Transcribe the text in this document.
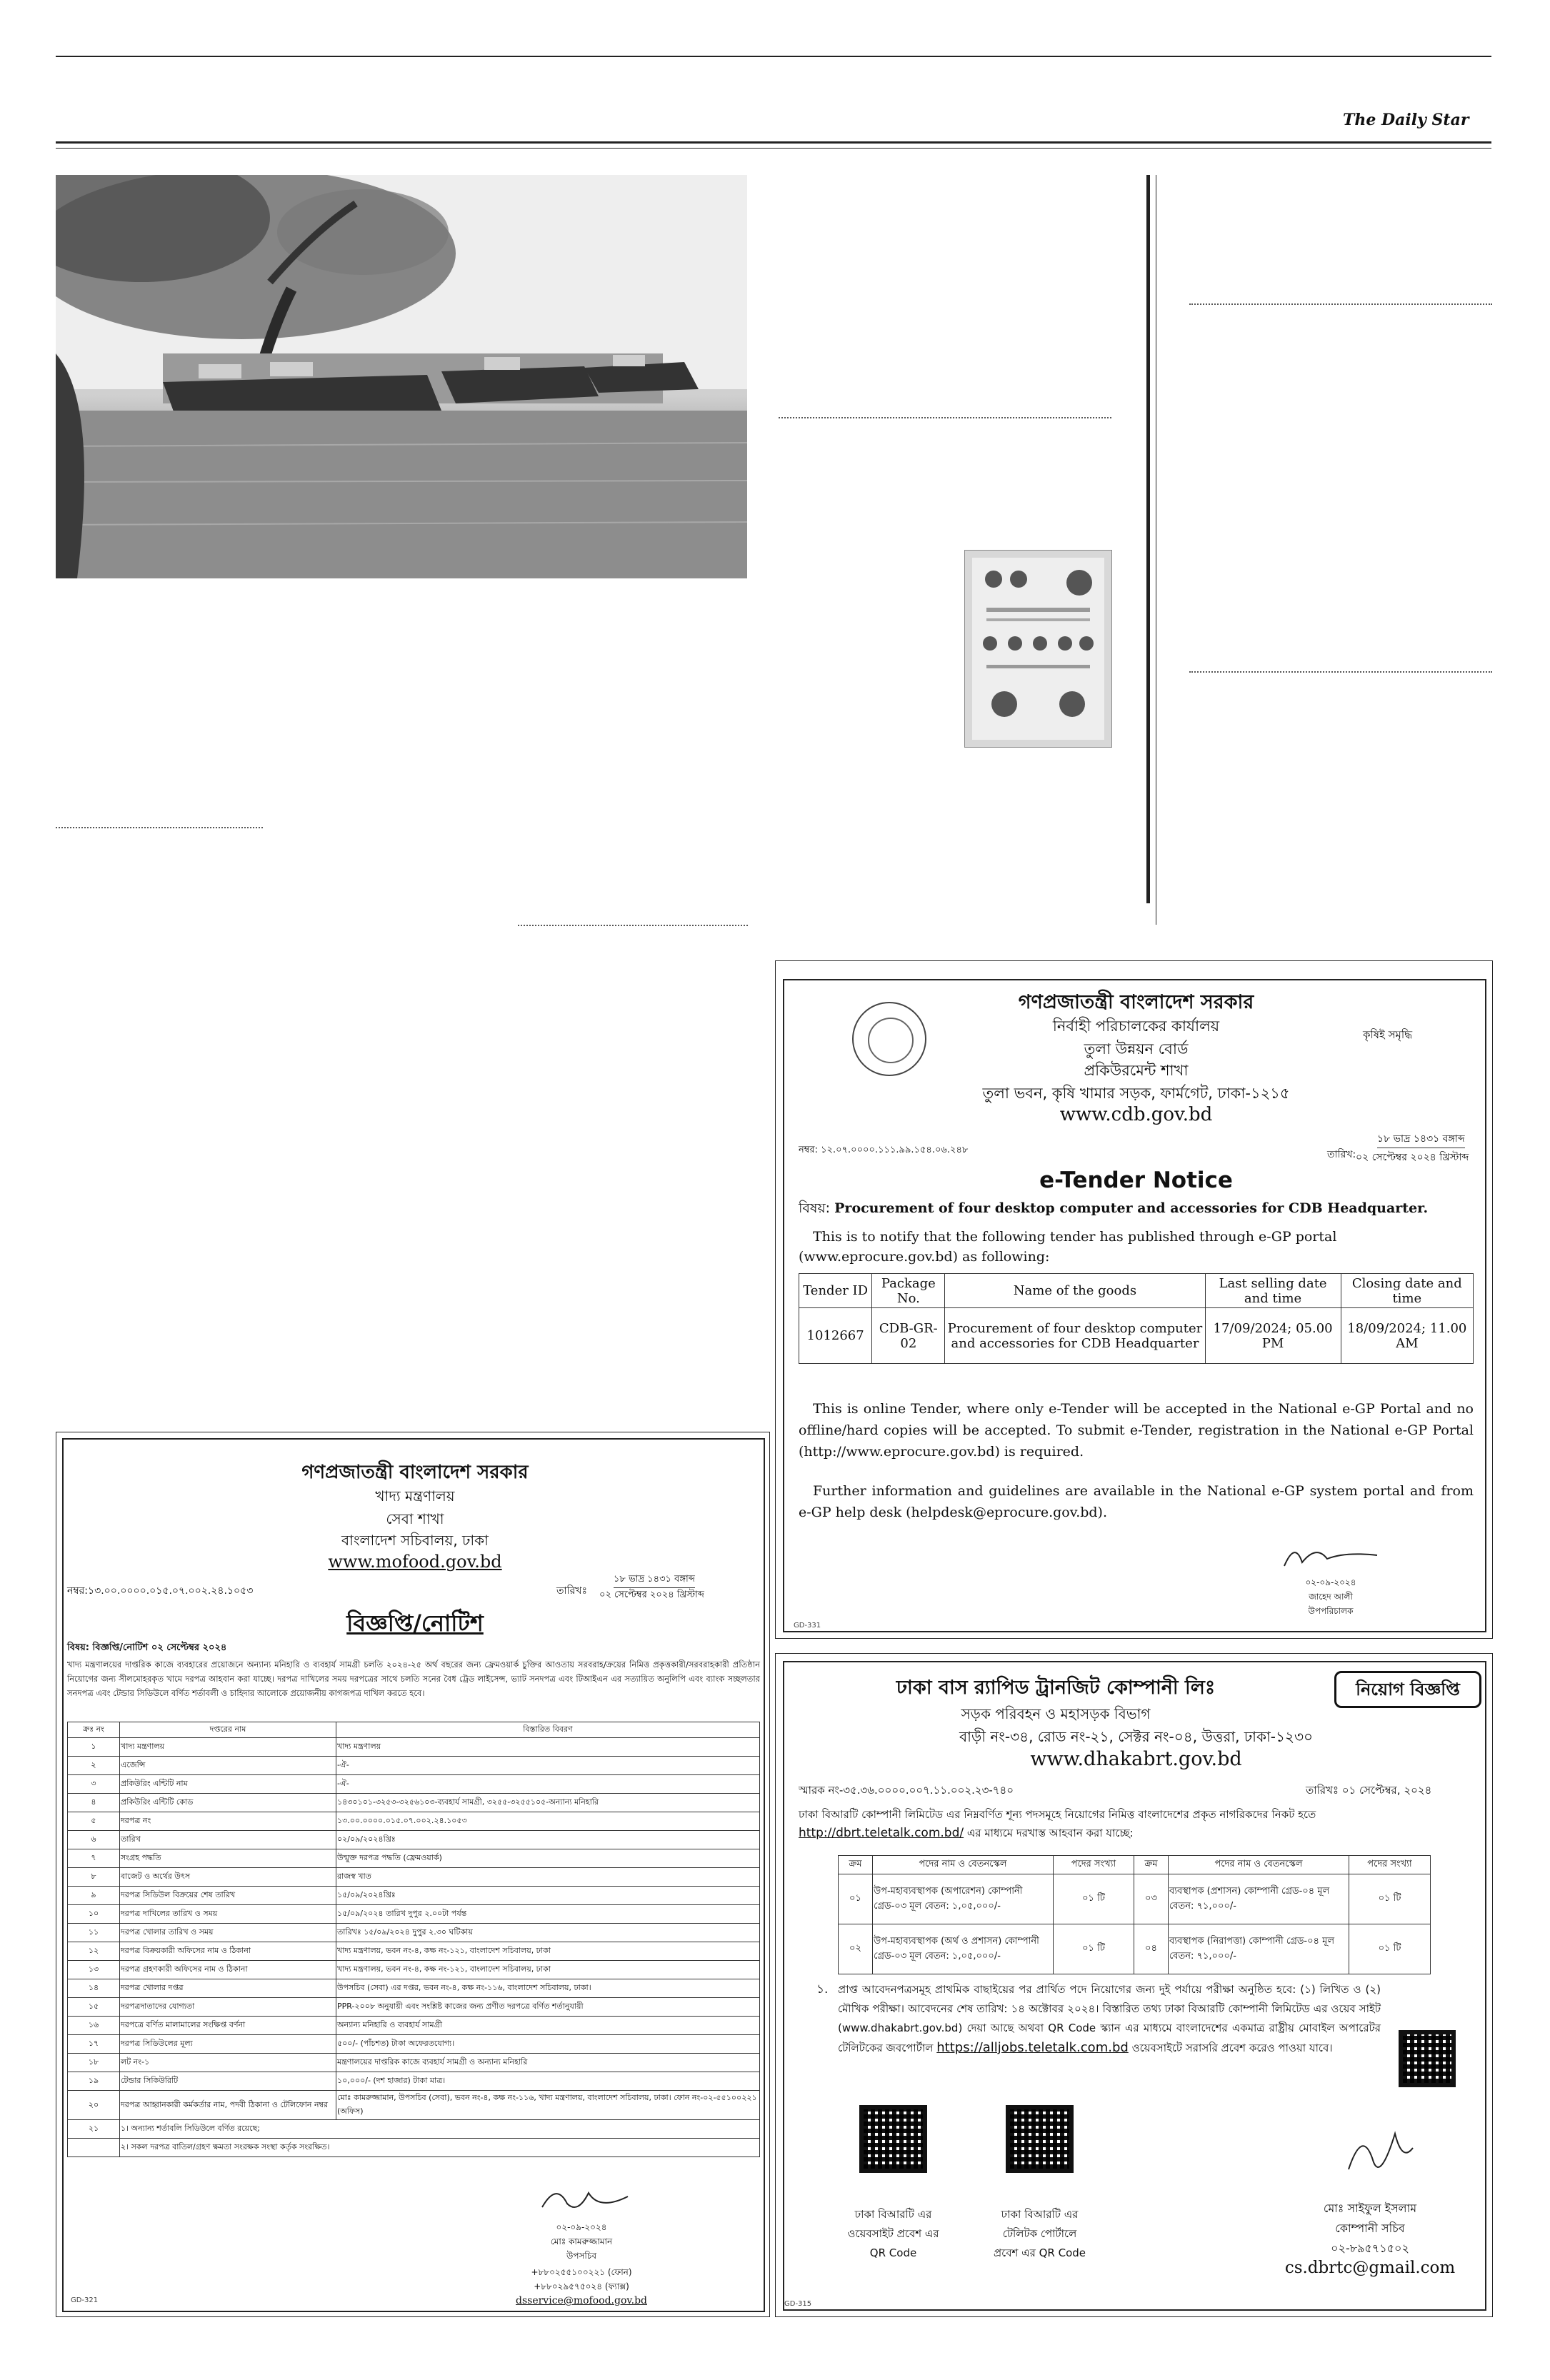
The Daily Star
গণপ্রজাতন্ত্রী বাংলাদেশ সরকার
নির্বাহী পরিচালকের কার্যালয়
তুলা উন্নয়ন বোর্ড
প্রকিউরমেন্ট শাখা
তুলা ভবন, কৃষি খামার সড়ক, ফার্মগেট, ঢাকা-১২১৫
www.cdb.gov.bd
কৃষিই সমৃদ্ধি
নম্বর: ১২.০৭.০০০০.১১১.৯৯.১৫৪.০৬.২৪৮	তারিখ:
১৮ ভাদ্র ১৪৩১ বঙ্গাব্দ
০২ সেপ্টেম্বর ২০২৪ খ্রিস্টাব্দ
e-Tender Notice
বিষয়: Procurement of four desktop computer and accessories for CDB Headquarter.
This is to notify that the following tender has published through e-GP portal (www.eprocure.gov.bd) as following:
Tender ID	Package No.	Name of the goods	Last selling date and time	Closing date and time
1012667	CDB-GR-02	Procurement of four desktop computer and accessories for CDB Headquarter	17/09/2024; 05.00 PM	18/09/2024; 11.00 AM
This is online Tender, where only e-Tender will be accepted in the National e-GP Portal and no offline/hard copies will be accepted. To submit e-Tender, registration in the National e-GP Portal (http://www.eprocure.gov.bd) is required.
Further information and guidelines are available in the National e-GP system portal and from e-GP help desk (helpdesk@eprocure.gov.bd).
০২-০৯-২০২৪
জাহেদ আলী
উপপরিচালক
GD-331
গণপ্রজাতন্ত্রী বাংলাদেশ সরকার
খাদ্য মন্ত্রণালয়
সেবা শাখা
বাংলাদেশ সচিবালয়, ঢাকা
www.mofood.gov.bd
নম্বর:১৩.০০.০০০০.০১৫.০৭.০০২.২৪.১০৫৩	তারিখঃ
১৮ ভাদ্র ১৪৩১ বঙ্গাব্দ
০২ সেপ্টেম্বর ২০২৪ খ্রিস্টাব্দ
বিজ্ঞপ্তি/নোটিশ
বিষয়: বিজ্ঞপ্তি/নোটিশ ০২ সেপ্টেম্বর ২০২৪
খাদ্য মন্ত্রণালয়ের দাপ্তরিক কাজে ব্যবহারের প্রয়োজনে অন্যান্য মনিহারি ও ব্যবহার্য সামগ্রী চলতি ২০২৪-২৫ অর্থ বছরের জন্য ফ্রেমওয়ার্ক চুক্তির আওতায় সরবরাহ/ক্রয়ের নিমিত্ত প্রকৃত্তকারী/সরবরাহকারী প্রতিষ্ঠান নিয়োগের জন্য সীলমোহরকৃত খামে দরপত্র আহবান করা যাচ্ছে। দরপত্র দাখিলের সময় দরপত্রের সাথে চলতি সনের বৈধ ট্রেড লাইসেন্স, ভ্যাট সনদপত্র এবং টিআইএন এর সত্যায়িত অনুলিপি এবং ব্যাংক সচ্ছলতার সনদপত্র এবং টেন্ডার সিডিউলে বর্ণিত শর্তাবলী ও চাহিদার আলোকে প্রয়োজনীয় কাগজপত্র দাখিল করতে হবে।
ক্রঃ নং	দপ্তরের নাম	বিস্তারিত বিবরণ
১	খাদ্য মন্ত্রণালয়	খাদ্য মন্ত্রণালয়
২	এজেন্সি	-ঐ-
৩	প্রকিউরিং এন্টিটি নাম	-ঐ-
৪	প্রকিউরিং এন্টিটি কোড	১৪৩০১০১-৩২৫৩-৩২৫৬১০৩-ব্যবহার্য সামগ্রী, ৩২৫৫-৩২৫৫১০৫-অন্যান্য মনিহারি
৫	দরপত্র নং	১৩.০০.০০০০.০১৫.০৭.০০২.২৪.১০৫৩
৬	তারিখ	০২/০৯/২০২৪খ্রিঃ
৭	সংগ্রহ পদ্ধতি	উন্মুক্ত দরপত্র পদ্ধতি (ফ্রেমওয়ার্ক)
৮	বাজেট ও অর্থের উৎস	রাজস্ব খাত
৯	দরপত্র সিডিউল বিক্রয়ের শেষ তারিখ	১৫/০৯/২০২৪খ্রিঃ
১০	দরপত্র দাখিলের তারিখ ও সময়	১৫/০৯/২০২৪ তারিখ দুপুর ২.০০টা পর্যন্ত
১১	দরপত্র খোলার তারিখ ও সময়	তারিখঃ ১৫/০৯/২০২৪ দুপুর ২.৩০ ঘটিকায়
১২	দরপত্র বিক্রয়কারী অফিসের নাম ও ঠিকানা	খাদ্য মন্ত্রণালয়, ভবন নং-৪, কক্ষ নং-১২১, বাংলাদেশ সচিবালয়, ঢাকা
১৩	দরপত্র গ্রহণকারী অফিসের নাম ও ঠিকানা	খাদ্য মন্ত্রণালয়, ভবন নং-৪, কক্ষ নং-১২১, বাংলাদেশ সচিবালয়, ঢাকা
১৪	দরপত্র খোলার দপ্তর	উপসচিব (সেবা) এর দপ্তর, ভবন নং-৪, কক্ষ নং-১১৬, বাংলাদেশ সচিবালয়, ঢাকা।
১৫	দরপত্রদাতাদের যোগ্যতা	PPR-২০০৮ অনুযায়ী এবং সংশ্লিষ্ট কাজের জন্য প্রণীত দরপত্রে বর্ণিত শর্তানুযায়ী
১৬	দরপত্রে বর্ণিত মালামালের সংক্ষিপ্ত বর্ণনা	অন্যান্য মনিহারি ও ব্যবহার্য সামগ্রী
১৭	দরপত্র সিডিউলের মূল্য	৫০০/- (পাঁচশত) টাকা অফেরতযোগ্য।
১৮	লট নং-১	মন্ত্রণালয়ের দাপ্তরিক কাজে ব্যবহার্য সামগ্রী ও অন্যান্য মনিহারি
১৯	টেন্ডার সিকিউরিটি	১০,০০০/- (দশ হাজার) টাকা মাত্র।
২০	দরপত্র আহ্বানকারী কর্মকর্তার নাম, পদবী ঠিকানা ও টেলিফোন নম্বর	মোঃ কামরুজ্জামান, উপসচিব (সেবা), ভবন নং-৪, কক্ষ নং-১১৬, খাদ্য মন্ত্রণালয়, বাংলাদেশ সচিবালয়, ঢাকা। ফোন নং-০২-৫৫১০০২২১ (অফিস)
২১	১। অন্যান্য শর্তাবলি সিডিউলে বর্ণিত রয়েছে;	
	২। সকল দরপত্র বাতিল/গ্রহণ ক্ষমতা সংরক্ষক সংস্থা কর্তৃক সংরক্ষিত।	
০২-০৯-২০২৪
মোঃ কামরুজ্জামান
উপসচিব
+৮৮০২৫৫১০০২২১ (ফোন)
+৮৮০২৯৫৭৫০২৪ (ফ্যাক্স)
dsservice@mofood.gov.bd
GD-321
ঢাকা বাস র‌্যাপিড ট্রানজিট কোম্পানী লিঃ	নিয়োগ বিজ্ঞপ্তি
সড়ক পরিবহন ও মহাসড়ক বিভাগ
বাড়ী নং-৩৪, রোড নং-২১, সেক্টর নং-০৪, উত্তরা, ঢাকা-১২৩০
www.dhakabrt.gov.bd
স্মারক নং-৩৫.৩৬.০০০০.০০৭.১১.০০২.২৩-৭৪০	তারিখঃ ০১ সেপ্টেম্বর, ২০২৪
ঢাকা বিআরটি কোম্পানী লিমিটেড এর নিম্নবর্ণিত শূন্য পদসমূহে নিয়োগের নিমিত্ত বাংলাদেশের প্রকৃত নাগরিকদের নিকট হতে http://dbrt.teletalk.com.bd/ এর মাধ্যমে দরখাস্ত আহবান করা যাচ্ছে:
ক্রম	পদের নাম ও বেতনস্কেল	পদের সংখ্যা	ক্রম	পদের নাম ও বেতনস্কেল	পদের সংখ্যা
০১	উপ-মহাব্যবস্থাপক (অপারেশন) কোম্পানী গ্রেড-০৩ মূল বেতন: ১,০৫,০০০/-	০১ টি	০৩	ব্যবস্থাপক (প্রশাসন) কোম্পানী গ্রেড-০৪ মূল বেতন: ৭১,০০০/-	০১ টি
০২	উপ-মহাব্যবস্থাপক (অর্থ ও প্রশাসন) কোম্পানী গ্রেড-০৩ মূল বেতন: ১,০৫,০০০/-	০১ টি	০৪	ব্যবস্থাপক (নিরাপত্তা) কোম্পানী গ্রেড-০৪ মূল বেতন: ৭১,০০০/-	০১ টি
১. প্রাপ্ত আবেদনপত্রসমূহ প্রাথমিক বাছাইয়ের পর প্রার্থিত পদে নিয়োগের জন্য দুই পর্যায়ে পরীক্ষা অনুষ্ঠিত হবে: (১) লিখিত ও (২) মৌখিক পরীক্ষা। আবেদনের শেষ তারিখ: ১৪ অক্টোবর ২০২৪। বিস্তারিত তথ্য ঢাকা বিআরটি কোম্পানী লিমিটেড এর ওয়েব সাইট (www.dhakabrt.gov.bd) দেয়া আছে অথবা QR Code স্ক্যান এর মাধ্যমে বাংলাদেশের একমাত্র রাষ্ট্রীয় মোবাইল অপারেটর টেলিটকের জবপোর্টাল https://alljobs.teletalk.com.bd ওয়েবসাইটে সরাসরি প্রবেশ করেও পাওয়া যাবে।
ঢাকা বিআরটি এর ওয়েবসাইট প্রবেশ এর QR Code
ঢাকা বিআরটি এর টেলিটক পোর্টালে প্রবেশ এর QR Code
মোঃ সাইফুল ইসলাম
কোম্পানী সচিব
০২-৮৯৫৭১৫০২
cs.dbrtc@gmail.com
GD-315
